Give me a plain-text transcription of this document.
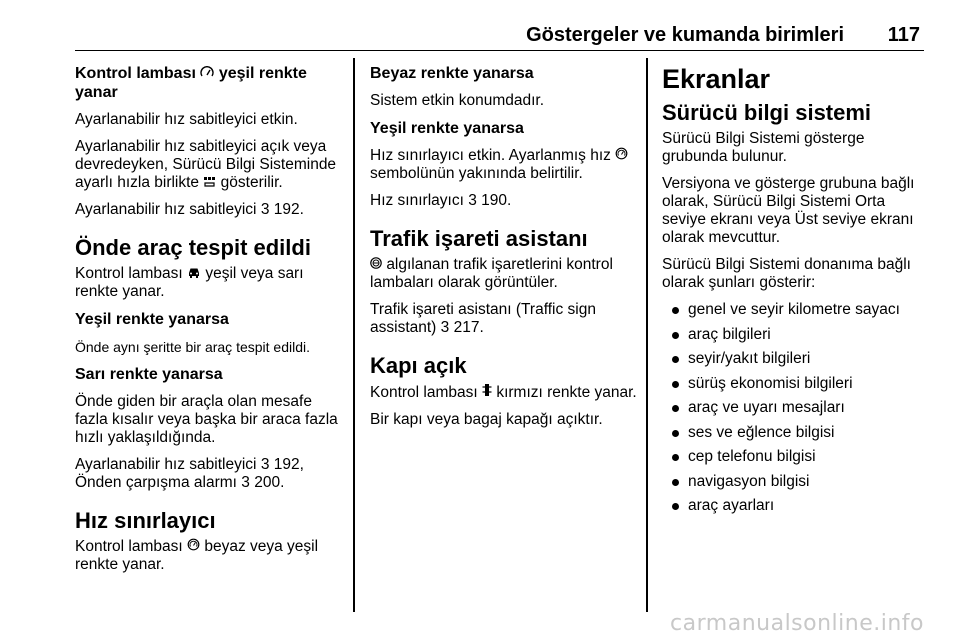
Göstergeler ve kumanda birimleri 117
Kontrol lambası yeşil renkte yanar

Ayarlanabilir hız sabitleyici etkin.

Ayarlanabilir hız sabitleyici açık veya devredeyken, Sürücü Bilgi Sisteminde ayarlı hızla birlikte gösterilir.

Ayarlanabilir hız sabitleyici 3 192.

Önde araç tespit edildi

Kontrol lambası yeşil veya sarı renkte yanar.

Yeşil renkte yanarsa

Önde aynı şeritte bir araç tespit edildi.

Sarı renkte yanarsa

Önde giden bir araçla olan mesafe fazla kısalır veya başka bir araca fazla hızlı yaklaşıldığında.

Ayarlanabilir hız sabitleyici 3 192, Önden çarpışma alarmı 3 200.

Hız sınırlayıcı

Kontrol lambası beyaz veya yeşil renkte yanar.

Beyaz renkte yanarsa

Sistem etkin konumdadır.

Yeşil renkte yanarsa

Hız sınırlayıcı etkin. Ayarlanmış hız  sembolünün yakınında belirtilir.

Hız sınırlayıcı 3 190.

Trafik işareti asistanı

algılanan trafik işaretlerini kontrol lambaları olarak görüntüler.

Trafik işareti asistanı (Traffic sign assistant) 3 217.

Kapı açık

Kontrol lambası kırmızı renkte yanar.

Bir kapı veya bagaj kapağı açıktır.

Ekranlar
Sürücü bilgi sistemi

Sürücü Bilgi Sistemi gösterge grubunda bulunur.

Versiyona ve gösterge grubuna bağlı olarak, Sürücü Bilgi Sistemi Orta seviye ekranı veya Üst seviye ekranı olarak mevcuttur.

Sürücü Bilgi Sistemi donanıma bağlı olarak şunları gösterir:

genel ve seyir kilometre sayacı
araç bilgileri
seyir/yakıt bilgileri
sürüş ekonomisi bilgileri
araç ve uyarı mesajları
ses ve eğlence bilgisi
cep telefonu bilgisi
navigasyon bilgisi
araç ayarları
carmanualsonline.info
